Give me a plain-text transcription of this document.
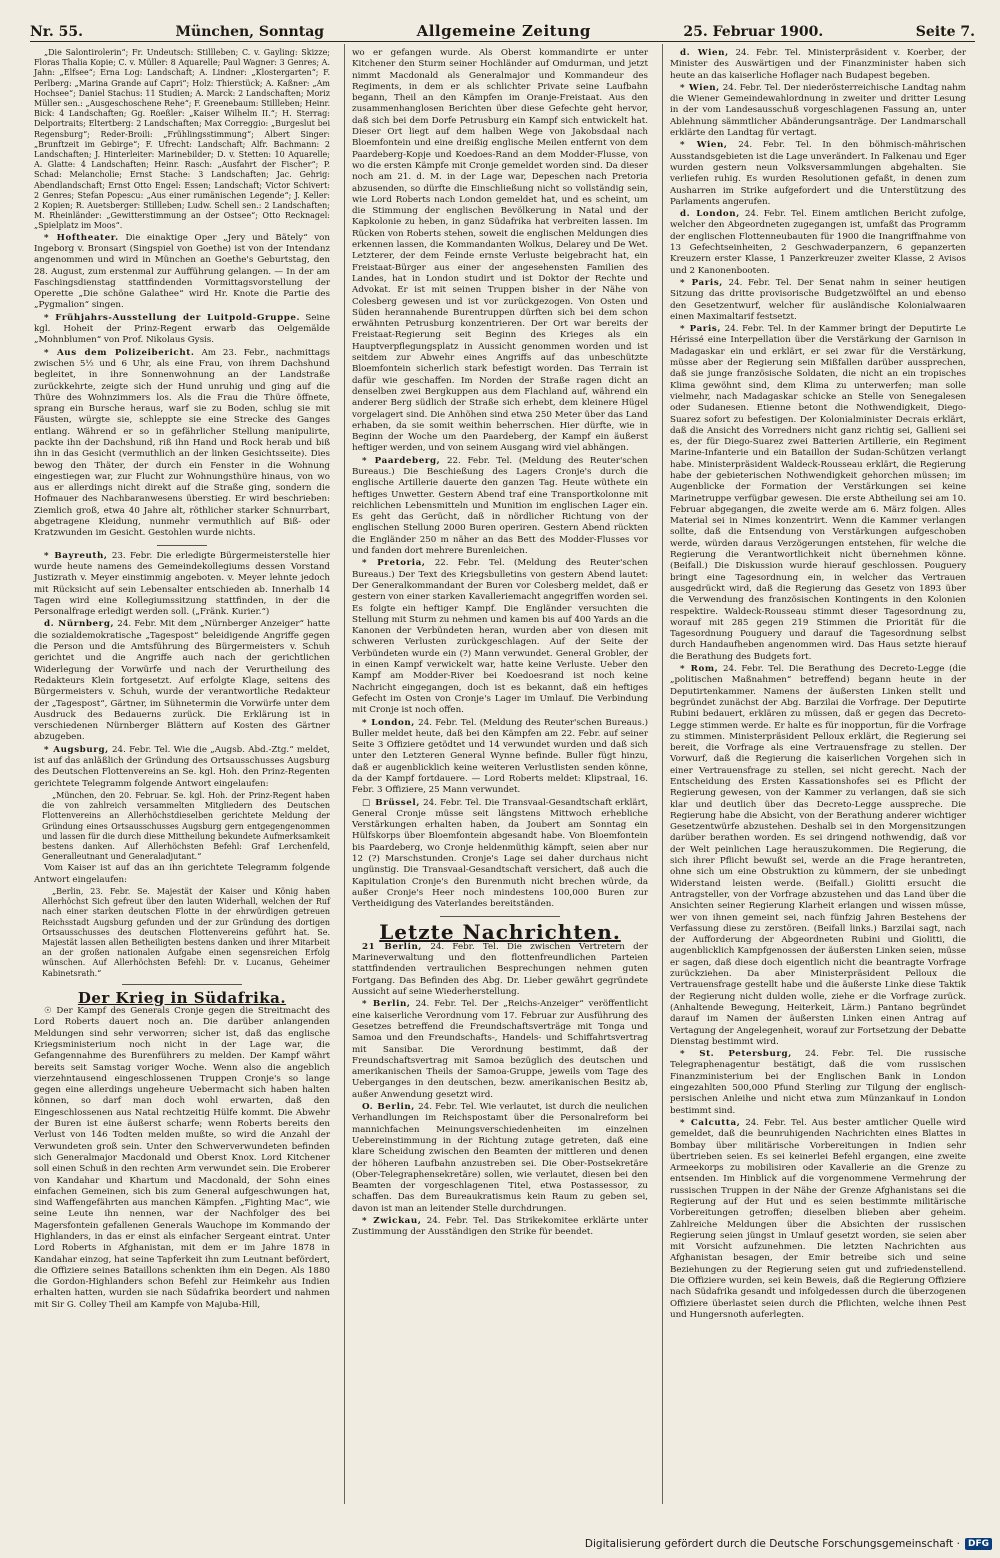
Nr. 55.	München, Sonntag	Allgemeine Zeitung	25. Februar 1900.	Seite 7.

„Die Salontirolerin“; Fr. Undeutsch: Stillleben; C. v. Gayling: Skizze; Floras Thalia Kopie; C. v. Müller: 8 Aquarelle; Paul Wagner: 3 Genres; A. Jahn: „Elfsee“; Erna Log: Landschaft; A. Lindner: „Klostergarten“; F. Perlberg: „Marina Grande auf Capri“; Holz: Thierstück; A. Kaßner: „Am Hochsee“; Daniel Stachus: 11 Studien; A. Marck: 2 Landschaften; Moriz Müller sen.: „Ausgeschoschene Rehe“; F. Greenebaum: Stillleben; Heinr. Bick: 4 Landschaften; Gg. Roeßler: „Kaiser Wilhelm II.“; H. Sterrag: Delportraits; Eltertberg: 2 Landschaften; Max Correggio: „Burgeslut bei Regensburg“; Reder-Broili: „Frühlingsstimmung“; Albert Singer: „Brunftzeit im Gebirge“; F. Ufrecht: Landschaft; Alfr. Bachmann: 2 Landschaften; J. Hinterleiter: Marinebilder; D. v. Stetten: 10 Aquarelle; A. Glatte: 4 Landschaften; Heinr. Rasch: „Ausfahrt der Fischer“; P. Schad: Melancholie; Ernst Stache: 3 Landschaften; Jac. Gehrig: Abendlandschaft; Ernst Otto Engel: Essen; Landschaft; Victor Schivert: 2 Genres; Stefan Popescu: „Aus einer rumänischen Legende“; J. Keller: 2 Kopien; R. Auetsberger: Stillleben; Ludw. Schell sen.: 2 Landschaften; M. Rheinländer: „Gewitterstimmung an der Ostsee“; Otto Recknagel: „Spielplatz im Moos“.

* Hoftheater. Die einaktige Oper „Jery und Bätely“ von Ingeborg v. Bronsart (Singspiel von Goethe) ist von der Intendanz angenommen und wird in München an Goethe's Geburtstag, den 28. August, zum erstenmal zur Aufführung gelangen. — In der am Faschingsdienstag stattfindenden Vormittagsvorstellung der Operette „Die schöne Galathee“ wird Hr. Knote die Partie des „Pygmalion“ singen.

* Frühjahrs-Ausstellung der Luitpold-Gruppe. Seine kgl. Hoheit der Prinz-Regent erwarb das Oelgemälde „Mohnblumen“ von Prof. Nikolaus Gysis.

* Aus dem Polizeibericht. Am 23. Febr., nachmittags zwischen 5½ und 6 Uhr, als eine Frau, von ihrem Dachshund begleitet, in ihre Sonnenwohnung an der Landstraße zurückkehrte, zeigte sich der Hund unruhig und ging auf die Thüre des Wohnzimmers los. Als die Frau die Thüre öffnete, sprang ein Bursche heraus, warf sie zu Boden, schlug sie mit Fäusten, würgte sie, schleppte sie eine Strecke des Ganges entlang. Während er so in gefährlicher Stellung manipulirte, packte ihn der Dachshund, riß ihn Hand und Rock herab und biß ihn in das Gesicht (vermuthlich an der linken Gesichtsseite). Dies bewog den Thäter, der durch ein Fenster in die Wohnung eingestiegen war, zur Flucht zur Wohnungsthüre hinaus, von wo aus er allerdings nicht direkt auf die Straße ging, sondern die Hofmauer des Nachbaranwesens überstieg. Er wird beschrieben: Ziemlich groß, etwa 40 Jahre alt, röthlicher starker Schnurrbart, abgetragene Kleidung, nunmehr vermuthlich auf Biß- oder Kratzwunden im Gesicht. Gestohlen wurde nichts.

* Bayreuth, 23. Febr. Die erledigte Bürgermeisterstelle hier wurde heute namens des Gemeindekollegiums dessen Vorstand Justizrath v. Meyer einstimmig angeboten. v. Meyer lehnte jedoch mit Rücksicht auf sein Lebensalter entschieden ab. Innerhalb 14 Tagen wird eine Kollegiumssitzung stattfinden, in der die Personalfrage erledigt werden soll. („Fränk. Kurier.“)

d. Nürnberg, 24. Febr. Mit dem „Nürnberger Anzeiger“ hatte die sozialdemokratische „Tagespost“ beleidigende Angriffe gegen die Person und die Amtsführung des Bürgermeisters v. Schuh gerichtet und die Angriffe auch nach der gerichtlichen Widerlegung der Vorwürfe und nach der Verurtheilung des Redakteurs Klein fortgesetzt. Auf erfolgte Klage, seitens des Bürgermeisters v. Schuh, wurde der verantwortliche Redakteur der „Tagespost“, Gärtner, im Sühnetermin die Vorwürfe unter dem Ausdruck des Bedauerns zurück. Die Erklärung ist in verschiedenen Nürnberger Blättern auf Kosten des Gärtner abzugeben.

* Augsburg, 24. Febr. Tel. Wie die „Augsb. Abd.-Ztg.“ meldet, ist auf das anläßlich der Gründung des Ortsausschusses Augsburg des Deutschen Flottenvereins an Se. kgl. Hoh. den Prinz-Regenten gerichtete Telegramm folgende Antwort eingelaufen:

„München, den 20. Februar. Se. kgl. Hoh. der Prinz-Regent haben die von zahlreich versammelten Mitgliedern des Deutschen Flottenvereins an Allerhöchstdieselben gerichtete Meldung der Gründung eines Ortsausschusses Augsburg gern entgegengenommen und lassen für die durch diese Mittheilung bekundete Aufmerksamkeit bestens danken. Auf Allerhöchsten Befehl: Graf Lerchenfeld, Generalleutnant und Generaladjutant.“

Vom Kaiser ist auf das an ihn gerichtete Telegramm folgende Antwort eingelaufen:

„Berlin, 23. Febr. Se. Majestät der Kaiser und König haben Allerhöchst Sich gefreut über den lauten Widerhall, welchen der Ruf nach einer starken deutschen Flotte in der ehrwürdigen getreuen Reichsstadt Augsburg gefunden und der zur Gründung des dortigen Ortsausschusses des deutschen Flottenvereins geführt hat. Se. Majestät lassen allen Betheiligten bestens danken und ihrer Mitarbeit an der großen nationalen Aufgabe einen segensreichen Erfolg wünschen. Auf Allerhöchsten Befehl: Dr. v. Lucanus, Geheimer Kabinetsrath.“

Der Krieg in Südafrika.

☉ Der Kampf des Generals Cronje gegen die Streitmacht des Lord Roberts dauert noch an. Die darüber anlangenden Meldungen sind sehr verworren; sicher ist, daß das englische Kriegsministerium noch nicht in der Lage war, die Gefangennahme des Burenführers zu melden. Der Kampf währt bereits seit Samstag voriger Woche. Wenn also die angeblich vierzehntausend eingeschlossenen Truppen Cronje's so lange gegen eine allerdings ungeheure Uebermacht sich haben halten können, so darf man doch wohl erwarten, daß den Eingeschlossenen aus Natal rechtzeitig Hülfe kommt. Die Abwehr der Buren ist eine äußerst scharfe; wenn Roberts bereits den Verlust von 146 Todten melden mußte, so wird die Anzahl der Verwundeten groß sein. Unter den Schwerverwundeten befinden sich Generalmajor Macdonald und Oberst Knox. Lord Kitchener soll einen Schuß in den rechten Arm verwundet sein. Die Eroberer von Kandahar und Khartum und Macdonald, der Sohn eines einfachen Gemeinen, sich bis zum General aufgeschwungen hat, sind Waffengefährten aus manchen Kämpfen. „Fighting Mac“, wie seine Leute ihn nennen, war der Nachfolger des bei Magersfontein gefallenen Generals Wauchope im Kommando der Highlanders, in das er einst als einfacher Sergeant eintrat. Unter Lord Roberts in Afghanistan, mit dem er im Jahre 1878 in Kandahar einzog, hat seine Tapferkeit ihn zum Leutnant befördert, die Offiziere seines Bataillons schenkten ihm ein Degen. Als 1880 die Gordon-Highlanders schon Befehl zur Heimkehr aus Indien erhalten hatten, wurden sie nach Südafrika beordert und nahmen mit Sir G. Colley Theil am Kampfe von Majuba-Hill,

wo er gefangen wurde. Als Oberst kommandirte er unter Kitchener den Sturm seiner Hochländer auf Omdurman, und jetzt nimmt Macdonald als Generalmajor und Kommandeur des Regiments, in dem er als schlichter Private seine Laufbahn begann, Theil an den Kämpfen im Oranje-Freistaat. Aus den zusammenhanglosen Berichten über diese Gefechte geht hervor, daß sich bei dem Dorfe Petrusburg ein Kampf sich entwickelt hat. Dieser Ort liegt auf dem halben Wege von Jakobsdaal nach Bloemfontein und eine dreißig englische Meilen entfernt von dem Paardeberg-Kopje und Koedoes-Rand an dem Modder-Flusse, von wo die ersten Kämpfe mit Cronje gemeldet worden sind. Da dieser noch am 21. d. M. in der Lage war, Depeschen nach Pretoria abzusenden, so dürfte die Einschließung nicht so vollständig sein, wie Lord Roberts nach London gemeldet hat, und es scheint, um die Stimmung der englischen Bevölkerung in Natal und der Kapkolonie zu heben, in ganz Südafrika hat verbreiten lassen. Im Rücken von Roberts stehen, soweit die englischen Meldungen dies erkennen lassen, die Kommandanten Wolkus, Delarey und De Wet. Letzterer, der dem Feinde ernste Verluste beigebracht hat, ein Freistaat-Bürger aus einer der angesehensten Familien des Landes, hat in London studirt und ist Doktor der Rechte und Advokat. Er ist mit seinen Truppen bisher in der Nähe von Colesberg gewesen und ist vor zurückgezogen. Von Osten und Süden herannahende Burentruppen dürften sich bei dem schon erwähnten Petrusburg konzentrieren. Der Ort war bereits der Freistaat-Regierung seit Beginn des Krieges als ein Hauptverpflegungsplatz in Aussicht genommen worden und ist seitdem zur Abwehr eines Angriffs auf das unbeschützte Bloemfontein sicherlich stark befestigt worden. Das Terrain ist dafür wie geschaffen. Im Norden der Straße ragen dicht an denselben zwei Bergkuppen aus dem Flachland auf, während ein anderer Berg südlich der Straße sich erhebt, dem kleinere Hügel vorgelagert sind. Die Anhöhen sind etwa 250 Meter über das Land erhaben, da sie somit weithin beherrschen. Hier dürfte, wie in Beginn der Woche um den Paardeberg, der Kampf ein äußerst heftiger werden, und von seinem Ausgang wird viel abhängen.

* Paardeberg, 22. Febr. Tel. (Meldung des Reuter'schen Bureaus.) Die Beschießung des Lagers Cronje's durch die englische Artillerie dauerte den ganzen Tag. Heute wüthete ein heftiges Unwetter. Gestern Abend traf eine Transportkolonne mit reichlichen Lebensmitteln und Munition im englischen Lager ein. Es geht das Gerücht, daß in nördlicher Richtung von der englischen Stellung 2000 Buren operiren. Gestern Abend rückten die Engländer 250 m näher an das Bett des Modder-Flusses vor und fanden dort mehrere Burenleichen.

* Pretoria, 22. Febr. Tel. (Meldung des Reuter'schen Bureaus.) Der Text des Kriegsbulletins von gestern Abend lautet: Der Generalkommandant der Buren vor Colesberg meldet, daß er gestern von einer starken Kavalleriemacht angegriffen worden sei. Es folgte ein heftiger Kampf. Die Engländer versuchten die Stellung mit Sturm zu nehmen und kamen bis auf 400 Yards an die Kanonen der Verbündeten heran, wurden aber von diesen mit schweren Verlusten zurückgeschlagen. Auf der Seite der Verbündeten wurde ein (?) Mann verwundet. General Grobler, der in einen Kampf verwickelt war, hatte keine Verluste. Ueber den Kampf am Modder-River bei Koedoesrand ist noch keine Nachricht eingegangen, doch ist es bekannt, daß ein heftiges Gefecht im Osten von Cronje's Lager im Umlauf. Die Verbindung mit Cronje ist noch offen.

* London, 24. Febr. Tel. (Meldung des Reuter'schen Bureaus.) Buller meldet heute, daß bei den Kämpfen am 22. Febr. auf seiner Seite 3 Offiziere getödtet und 14 verwundet wurden und daß sich unter den Letzteren General Wynne befinde. Buller fügt hinzu, daß er augenblicklich keine weiteren Verlustlisten senden könne, da der Kampf fortdauere. — Lord Roberts meldet: Klipstraal, 16. Febr. 3 Offiziere, 25 Mann verwundet.

□ Brüssel, 24. Febr. Tel. Die Transvaal-Gesandtschaft erklärt, General Cronje müsse seit längstens Mittwoch erhebliche Verstärkungen erhalten haben, da Joubert am Sonntag ein Hülfskorps über Bloemfontein abgesandt habe. Von Bloemfontein bis Paardeberg, wo Cronje heldenmüthig kämpft, seien aber nur 12 (?) Marschstunden. Cronje's Lage sei daher durchaus nicht ungünstig. Die Transvaal-Gesandtschaft versichert, daß auch die Kapitulation Cronje's den Burenmuth nicht brechen würde, da außer Cronje's Heer noch mindestens 100,000 Buren zur Vertheidigung des Vaterlandes bereitständen.

Letzte Nachrichten.

21 Berlin, 24. Febr. Tel. Die zwischen Vertretern der Marineverwaltung und den flottenfreundlichen Parteien stattfindenden vertraulichen Besprechungen nehmen guten Fortgang. Das Befinden des Abg. Dr. Lieber gewährt gegründete Aussicht auf seine Wiederherstellung.

* Berlin, 24. Febr. Tel. Der „Reichs-Anzeiger“ veröffentlicht eine kaiserliche Verordnung vom 17. Februar zur Ausführung des Gesetzes betreffend die Freundschaftsverträge mit Tonga und Samoa und den Freundschafts-, Handels- und Schiffahrtsvertrag mit Sansibar. Die Verordnung bestimmt, daß der Freundschaftsvertrag mit Samoa bezüglich des deutschen und amerikanischen Theils der Samoa-Gruppe, jeweils vom Tage des Ueberganges in den deutschen, bezw. amerikanischen Besitz ab, außer Anwendung gesetzt wird.

O. Berlin, 24. Febr. Tel. Wie verlautet, ist durch die neulichen Verhandlungen im Reichspostamt über die Personalreform bei mannichfachen Meinungsverschiedenheiten im einzelnen Uebereinstimmung in der Richtung zutage getreten, daß eine klare Scheidung zwischen den Beamten der mittleren und denen der höheren Laufbahn anzustreben sei. Die Ober-Postsekretäre (Ober-Telegraphensekretäre) sollen, wie verlautet, diesen bei den Beamten der vorgeschlagenen Titel, etwa Postassessor, zu schaffen. Das dem Bureaukratismus kein Raum zu geben sei, davon ist man an leitender Stelle durchdrungen.

* Zwickau, 24. Febr. Tel. Das Strikekomitee erklärte unter Zustimmung der Ausständigen den Strike für beendet.

d. Wien, 24. Febr. Tel. Ministerpräsident v. Koerber, der Minister des Auswärtigen und der Finanzminister haben sich heute an das kaiserliche Hoflager nach Budapest begeben.

* Wien, 24. Febr. Tel. Der niederösterreichische Landtag nahm die Wiener Gemeindewahlordnung in zweiter und dritter Lesung in der vom Landesausschuß vorgeschlagenen Fassung an, unter Ablehnung sämmtlicher Abänderungsanträge. Der Landmarschall erklärte den Landtag für vertagt.

* Wien, 24. Febr. Tel. In den böhmisch-mährischen Ausstandsgebieten ist die Lage unverändert. In Falkenau und Eger wurden gestern neun Volksversammlungen abgehalten. Sie verliefen ruhig. Es wurden Resolutionen gefaßt, in denen zum Ausharren im Strike aufgefordert und die Unterstützung des Parlaments angerufen.

d. London, 24. Febr. Tel. Einem amtlichen Bericht zufolge, welcher den Abgeordneten zugegangen ist, umfaßt das Programm der englischen Flottenneubauten für 1900 die Inangriffnahme von 13 Gefechtseinheiten, 2 Geschwaderpanzern, 6 gepanzerten Kreuzern erster Klasse, 1 Panzerkreuzer zweiter Klasse, 2 Avisos und 2 Kanonenbooten.

* Paris, 24. Febr. Tel. Der Senat nahm in seiner heutigen Sitzung das dritte provisorische Budgetzwölftel an und ebenso den Gesetzentwurf, welcher für ausländische Kolonialwaaren einen Maximaltarif festsetzt.

* Paris, 24. Febr. Tel. In der Kammer bringt der Deputirte Le Hérissé eine Interpellation über die Verstärkung der Garnison in Madagaskar ein und erklärt, er sei zwar für die Verstärkung, müsse aber der Regierung sein Mißfallen darüber aussprechen, daß sie junge französische Soldaten, die nicht an ein tropisches Klima gewöhnt sind, dem Klima zu unterwerfen; man solle vielmehr, nach Madagaskar schicke an Stelle von Senegalesen oder Sudanesen. Etienne betont die Nothwendigkeit, Diego-Suarez sofort zu befestigen. Der Kolonialminister Decrais erklärt, daß die Ansicht des Vorredners nicht ganz richtig sei, Gallieni sei es, der für Diego-Suarez zwei Batterien Artillerie, ein Regiment Marine-Infanterie und ein Bataillon der Sudan-Schützen verlangt habe. Ministerpräsident Waldeck-Rousseau erklärt, die Regierung habe der gebieterischen Nothwendigkeit gehorchen müssen; im Augenblicke der Formation der Verstärkungen sei keine Marinetruppe verfügbar gewesen. Die erste Abtheilung sei am 10. Februar abgegangen, die zweite werde am 6. März folgen. Alles Material sei in Nimes konzentrirt. Wenn die Kammer verlangen sollte, daß die Entsendung von Verstärkungen aufgeschoben werde, würden daraus Verzögerungen entstehen, für welche die Regierung die Verantwortlichkeit nicht übernehmen könne. (Beifall.) Die Diskussion wurde hierauf geschlossen. Pouguery bringt eine Tagesordnung ein, in welcher das Vertrauen ausgedrückt wird, daß die Regierung das Gesetz von 1893 über die Verwendung des französischen Kontingents in den Kolonien respektire. Waldeck-Rousseau stimmt dieser Tagesordnung zu, worauf mit 285 gegen 219 Stimmen die Priorität für die Tagesordnung Pouguery und darauf die Tagesordnung selbst durch Handaufheben angenommen wird. Das Haus setzte hierauf die Berathung des Budgets fort.

* Rom, 24. Febr. Tel. Die Berathung des Decreto-Legge (die „politischen Maßnahmen“ betreffend) begann heute in der Deputirtenkammer. Namens der äußersten Linken stellt und begründet zunächst der Abg. Barzilai die Vorfrage. Der Deputirte Rubini bedauert, erklären zu müssen, daß er gegen das Decreto-Legge stimmen werde. Er halte es für inopportun, für die Vorfrage zu stimmen. Ministerpräsident Pelloux erklärt, die Regierung sei bereit, die Vorfrage als eine Vertrauensfrage zu stellen. Der Vorwurf, daß die Regierung die kaiserlichen Vorgehen sich in einer Vertrauensfrage zu stellen, sei nicht gerecht. Nach der Entscheidung des Ersten Kassationshofes sei es Pflicht der Regierung gewesen, von der Kammer zu verlangen, daß sie sich klar und deutlich über das Decreto-Legge ausspreche. Die Regierung habe die Absicht, von der Berathung anderer wichtiger Gesetzentwürfe abzustehen. Deshalb sei in den Morgensitzungen darüber berathen worden. Es sei dringend nothwendig, daß vor der Welt peinlichen Lage herauszukommen. Die Regierung, die sich ihrer Pflicht bewußt sei, werde an die Frage herantreten, ohne sich um eine Obstruktion zu kümmern, der sie unbedingt Widerstand leisten werde. (Beifall.) Giolitti ersucht die Antragsteller, von der Vorfrage abzustehen und das Land über die Ansichten seiner Regierung Klarheit erlangen und wissen müsse, wer von ihnen gemeint sei, nach fünfzig Jahren Bestehens der Verfassung diese zu zerstören. (Beifall links.) Barzilai sagt, nach der Aufforderung der Abgeordneten Rubini und Giolitti, die augenblicklich Kampfgenossen der äußersten Linken seien, müsse er sagen, daß diese doch eigentlich nicht die beantragte Vorfrage zurückziehen. Da aber Ministerpräsident Pelloux die Vertrauensfrage gestellt habe und die äußerste Linke diese Taktik der Regierung nicht dulden wolle, ziehe er die Vorfrage zurück. (Anhaltende Bewegung, Heiterkeit, Lärm.) Pantano begründet darauf im Namen der äußersten Linken einen Antrag auf Vertagung der Angelegenheit, worauf zur Fortsetzung der Debatte Dienstag bestimmt wird.

* St. Petersburg, 24. Febr. Tel. Die russische Telegraphenagentur bestätigt, daß die vom russischen Finanzministerium bei der Englischen Bank in London eingezahlten 500,000 Pfund Sterling zur Tilgung der englisch-persischen Anleihe und nicht etwa zum Münzankauf in London bestimmt sind.

* Calcutta, 24. Febr. Tel. Aus bester amtlicher Quelle wird gemeldet, daß die beunruhigenden Nachrichten eines Blattes in Bombay über militärische Vorbereitungen in Indien sehr übertrieben seien. Es sei keinerlei Befehl ergangen, eine zweite Armeekorps zu mobilisiren oder Kavallerie an die Grenze zu entsenden. Im Hinblick auf die vorgenommene Vermehrung der russischen Truppen in der Nähe der Grenze Afghanistans sei die Regierung auf der Hut und es seien bestimmte militärische Vorbereitungen getroffen; dieselben blieben aber geheim. Zahlreiche Meldungen über die Absichten der russischen Regierung seien jüngst in Umlauf gesetzt worden, sie seien aber mit Vorsicht aufzunehmen. Die letzten Nachrichten aus Afghanistan besagen, der Emir betreibe sich und seine Beziehungen zu der Regierung seien gut und zufriedenstellend. Die Offiziere wurden, sei kein Beweis, daß die Regierung Offiziere nach Südafrika gesandt und infolgedessen durch die überzogenen Offiziere überlastet seien durch die Pflichten, welche ihnen Pest und Hungersnoth auferlegten.

Digitalisierung gefördert durch die Deutsche Forschungsgemeinschaft · DFG
